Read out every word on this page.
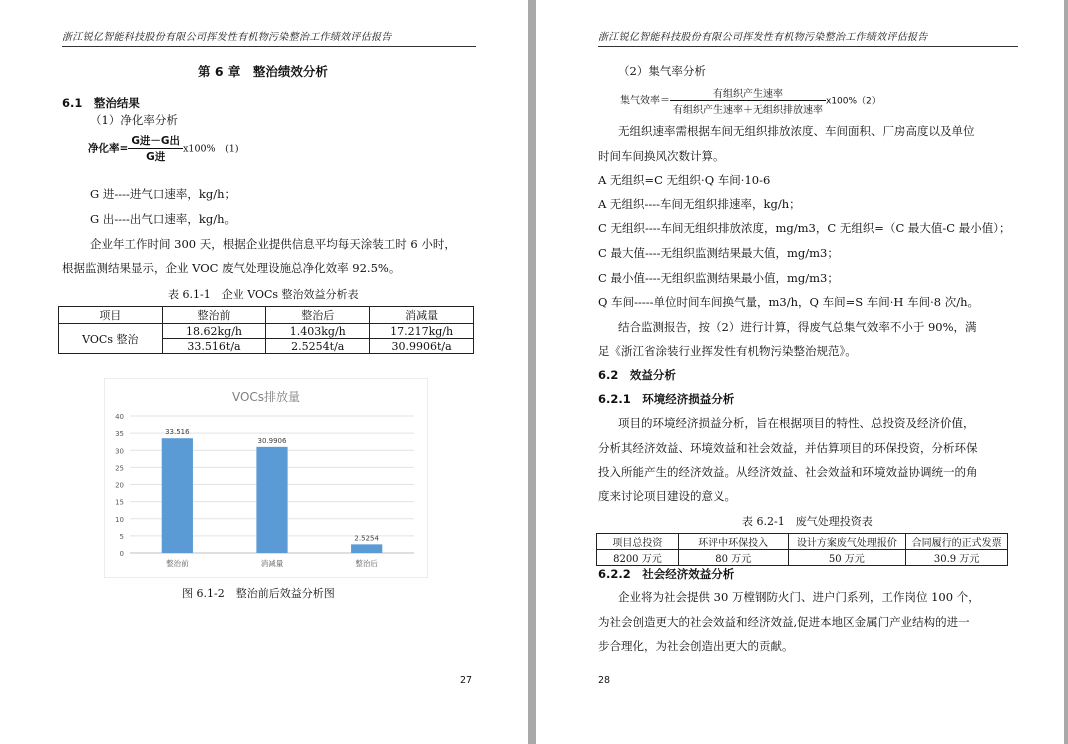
浙江锐亿智能科技股份有限公司挥发性有机物污染整治工作绩效评估报告
第 6 章　整治绩效分析
6.1　整治结果
（1）净化率分析
净化率= $\frac{\text{G进－G出}}{\text{G进}} x100\%$　(1)
G 进----进气口速率，kg/h；
G 出----出气口速率，kg/h。
企业年工作时间 300 天，根据企业提供信息平均每天涂装工时 6 小时，
根据监测结果显示，企业 VOC 废气处理设施总净化效率 92.5%。
表 6.1-1　企业 VOCs 整治效益分析表
项目	整治前	整治后	消减量
VOCs 整治	18.62kg/h	1.403kg/h	17.217kg/h
	33.516t/a	2.5254t/a	30.9906t/a
VOCs排放量
0
5
10
15
20
25
30
35
40
33.516
30.9906
2.5254
整治前	消减量	整治后
图 6.1-2　整治前后效益分析图
27
浙江锐亿智能科技股份有限公司挥发性有机物污染整治工作绩效评估报告
（2）集气率分析
集气效率＝ $\frac{\text{有组织产生速率}}{\text{有组织产生速率＋无组织排放速率}} x100\%(2)$
无组织速率需根据车间无组织排放浓度、车间面积、厂房高度以及单位
时间车间换风次数计算。
A 无组织=C 无组织·Q 车间·10-6
A 无组织----车间无组织排速率，kg/h；
C 无组织----车间无组织排放浓度，mg/m3，C 无组织=（C 最大值-C 最小值）；
C 最大值----无组织监测结果最大值，mg/m3；
C 最小值----无组织监测结果最小值，mg/m3；
Q 车间-----单位时间车间换气量，m3/h，Q 车间=S 车间·H 车间·8 次/h。
结合监测报告，按（2）进行计算，得废气总集气效率不小于 90%，满
足《浙江省涂装行业挥发性有机物污染整治规范》。
6.2　效益分析
6.2.1　环境经济损益分析
项目的环境经济损益分析，旨在根据项目的特性、总投资及经济价值，
分析其经济效益、环境效益和社会效益，并估算项目的环保投资，分析环保
投入所能产生的经济效益。从经济效益、社会效益和环境效益协调统一的角
度来讨论项目建设的意义。
表 6.2-1　废气处理投资表
项目总投资	环评中环保投入	设计方案废气处理报价	合同履行的正式发票
8200 万元	80 万元	50 万元	30.9 万元
6.2.2　社会经济效益分析
企业将为社会提供 30 万樘钢防火门、进户门系列，工作岗位 100 个，
为社会创造更大的社会效益和经济效益,促进本地区金属门产业结构的进一
步合理化，为社会创造出更大的贡献。
28
